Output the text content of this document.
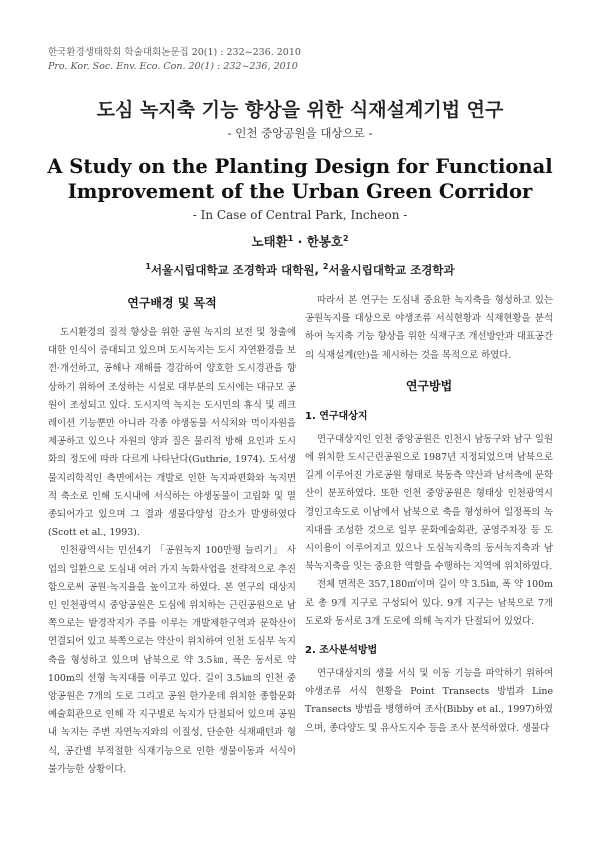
한국환경생태학회 학술대회논문집 20(1) : 232~236. 2010
Pro. Kor. Soc. Env. Eco. Con. 20(1) : 232~236, 2010
도심 녹지축 기능 향상을 위한 식재설계기법 연구
- 인천 중앙공원을 대상으로 -
A Study on the Planting Design for Functional
Improvement of the Urban Green Corridor
- In Case of Central Park, Incheon -
노태환$^1$ · 한봉호$^2$
$^1$서울시립대학교 조경학과 대학원, $^2$서울시립대학교 조경학과
연구배경 및 목적

도시환경의 질적 향상을 위한 공원 녹지의 보전 및 창출에 대한 인식이 증대되고 있으며 도시녹지는 도시 자연환경을 보전·개선하고, 공해나 재해를 경감하여 양호한 도시경관을 향상하기 위하여 조성하는 시설로 대부분의 도시에는 대규모 공원이 조성되고 있다. 도시지역 녹지는 도시민의 휴식 및 레크레이션 기능뿐만 아니라 각종 야생동물 서식처와 먹이자원을 제공하고 있으나 자원의 양과 질은 물리적 방해 요인과 도시화의 정도에 따라 다르게 나타난다(Guthrie, 1974). 도서생물지리학적인 측면에서는 개발로 인한 녹지파편화와 녹지면적 축소로 인해 도시내에 서식하는 야생동물이 고립화 및 멸종되어가고 있으며 그 결과 생물다양성 감소가 발생하였다(Scott et al., 1993).

인천광역시는 민선4기 「공원녹지 100만평 늘리기」 사업의 일환으로 도심내 여러 가지 녹화사업을 전략적으로 추진함으로써 공원·녹지율을 높이고자 하였다. 본 연구의 대상지인 인천광역시 중앙공원은 도심에 위치하는 근린공원으로 남쪽으로는 밭경작지가 주를 이루는 개발제한구역과 문학산이 연결되어 있고 북쪽으로는 약산이 위치하여 인천 도심부 녹지축을 형성하고 있으며 남북으로 약 3.5㎞, 폭은 동서로 약 100m의 선형 녹지대를 이루고 있다. 길이 3.5㎞의 인천 중앙공원은 7개의 도로 그리고 공원 한가운데 위치한 종합문화예술회관으로 인해 각 지구별로 녹지가 단절되어 있으며 공원내 녹지는 주변 자연녹지와의 이질성, 단순한 식재패턴과 형식, 공간별 부적절한 식재기능으로 인한 생물이동과 서식이 불가능한 상황이다.

따라서 본 연구는 도심내 중요한 녹지축을 형성하고 있는 공원녹지를 대상으로 야생조류 서식현황과 식재현황을 분석하여 녹지축 기능 향상을 위한 식재구조 개선방안과 대표공간의 식재설계(안)을 제시하는 것을 목적으로 하였다.

연구방법
1. 연구대상지

연구대상지인 인천 중앙공원은 인천시 남동구와 남구 일원에 위치한 도시근린공원으로 1987년 지정되었으며 남북으로 길게 이루어진 가로공원 형태로 북동측 약산과 남서측에 문학산이 분포하였다. 또한 인천 중앙공원은 형태상 인천광역시 경인고속도로 이남에서 남북으로 축을 형성하여 일정폭의 녹지대를 조성한 것으로 일부 문화예술회관, 공영주차장 등 도시이용이 이루어지고 있으나 도심녹지축의 동서녹지축과 남북녹지축을 잇는 중요한 역할을 수행하는 지역에 위치하였다.

전체 면적은 357,180㎡이며 길이 약 3.5㎞, 폭 약 100m로 총 9개 지구로 구성되어 있다. 9개 지구는 남북으로 7개 도로와 동서로 3개 도로에 의해 녹지가 단절되어 있었다.

2. 조사분석방법

연구대상지의 생물 서식 및 이동 기능을 파악하기 위하여 야생조류 서식 현황을 Point Transects 방법과 Line Transects 방법을 병행하여 조사(Bibby et al., 1997)하였으며, 종다양도 및 유사도지수 등을 조사 분석하였다. 생물다
